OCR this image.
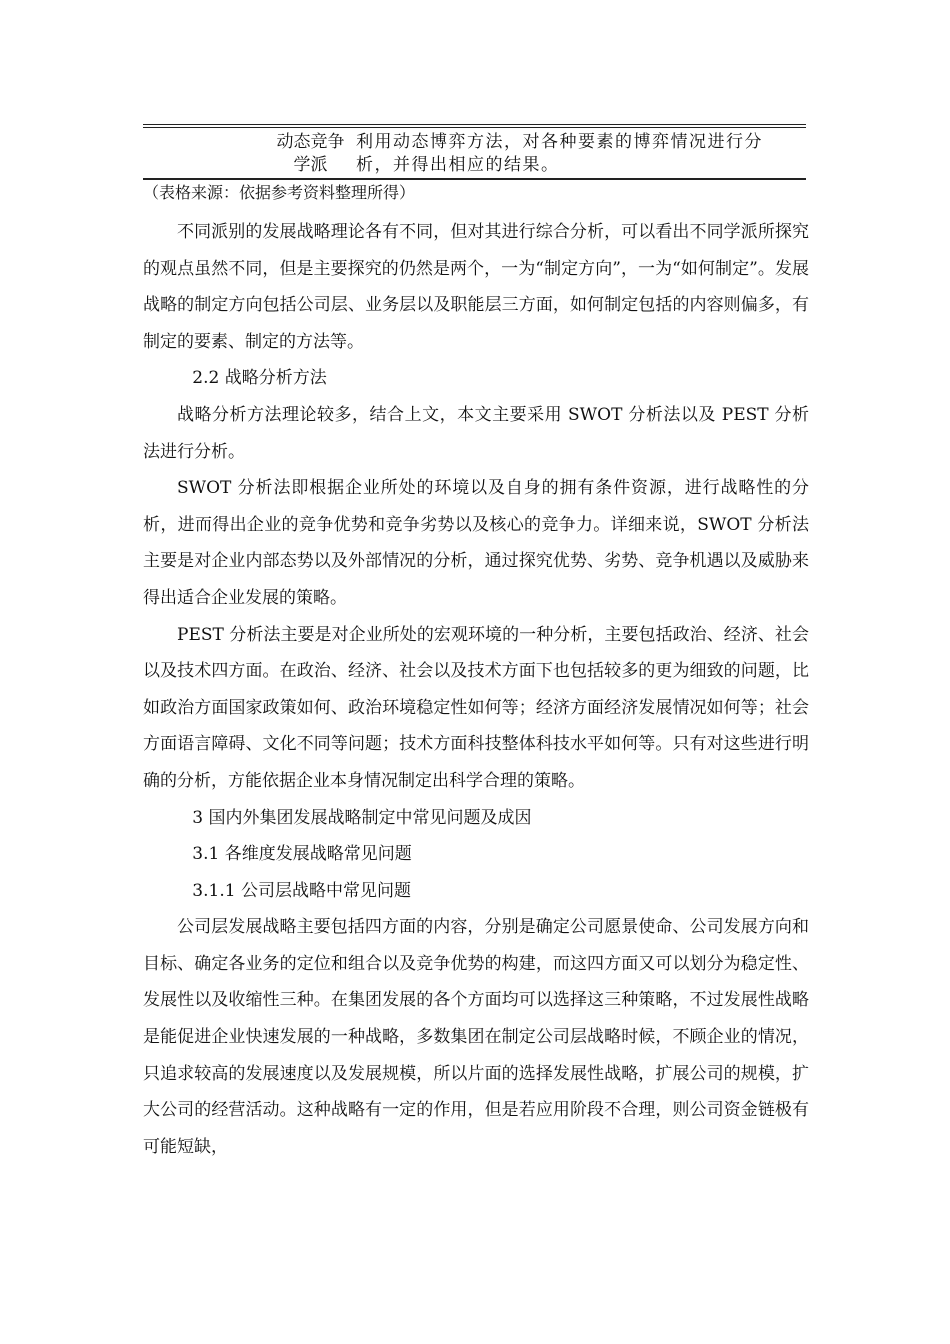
动态竞争
学派
利用动态博弈方法，对各种要素的博弈情况进行分
析，并得出相应的结果。
（表格来源：依据参考资料整理所得）

不同派别的发展战略理论各有不同，但对其进行综合分析，可以看出不同学派所探究的观点虽然不同，但是主要探究的仍然是两个，一为“制定方向”，一为“如何制定”。发展战略的制定方向包括公司层、业务层以及职能层三方面，如何制定包括的内容则偏多，有制定的要素、制定的方法等。

2.2 战略分析方法

战略分析方法理论较多，结合上文，本文主要采用 SWOT 分析法以及 PEST 分析法进行分析。

SWOT 分析法即根据企业所处的环境以及自身的拥有条件资源，进行战略性的分析，进而得出企业的竞争优势和竞争劣势以及核心的竞争力。详细来说，SWOT 分析法主要是对企业内部态势以及外部情况的分析，通过探究优势、劣势、竞争机遇以及威胁来得出适合企业发展的策略。

PEST 分析法主要是对企业所处的宏观环境的一种分析，主要包括政治、经济、社会以及技术四方面。在政治、经济、社会以及技术方面下也包括较多的更为细致的问题，比如政治方面国家政策如何、政治环境稳定性如何等；经济方面经济发展情况如何等；社会方面语言障碍、文化不同等问题；技术方面科技整体科技水平如何等。只有对这些进行明确的分析，方能依据企业本身情况制定出科学合理的策略。

3 国内外集团发展战略制定中常见问题及成因

3.1 各维度发展战略常见问题

3.1.1 公司层战略中常见问题

公司层发展战略主要包括四方面的内容，分别是确定公司愿景使命、公司发展方向和目标、确定各业务的定位和组合以及竞争优势的构建，而这四方面又可以划分为稳定性、发展性以及收缩性三种。在集团发展的各个方面均可以选择这三种策略，不过发展性战略是能促进企业快速发展的一种战略，多数集团在制定公司层战略时候，不顾企业的情况，只追求较高的发展速度以及发展规模，所以片面的选择发展性战略，扩展公司的规模，扩大公司的经营活动。这种战略有一定的作用，但是若应用阶段不合理，则公司资金链极有可能短缺，
